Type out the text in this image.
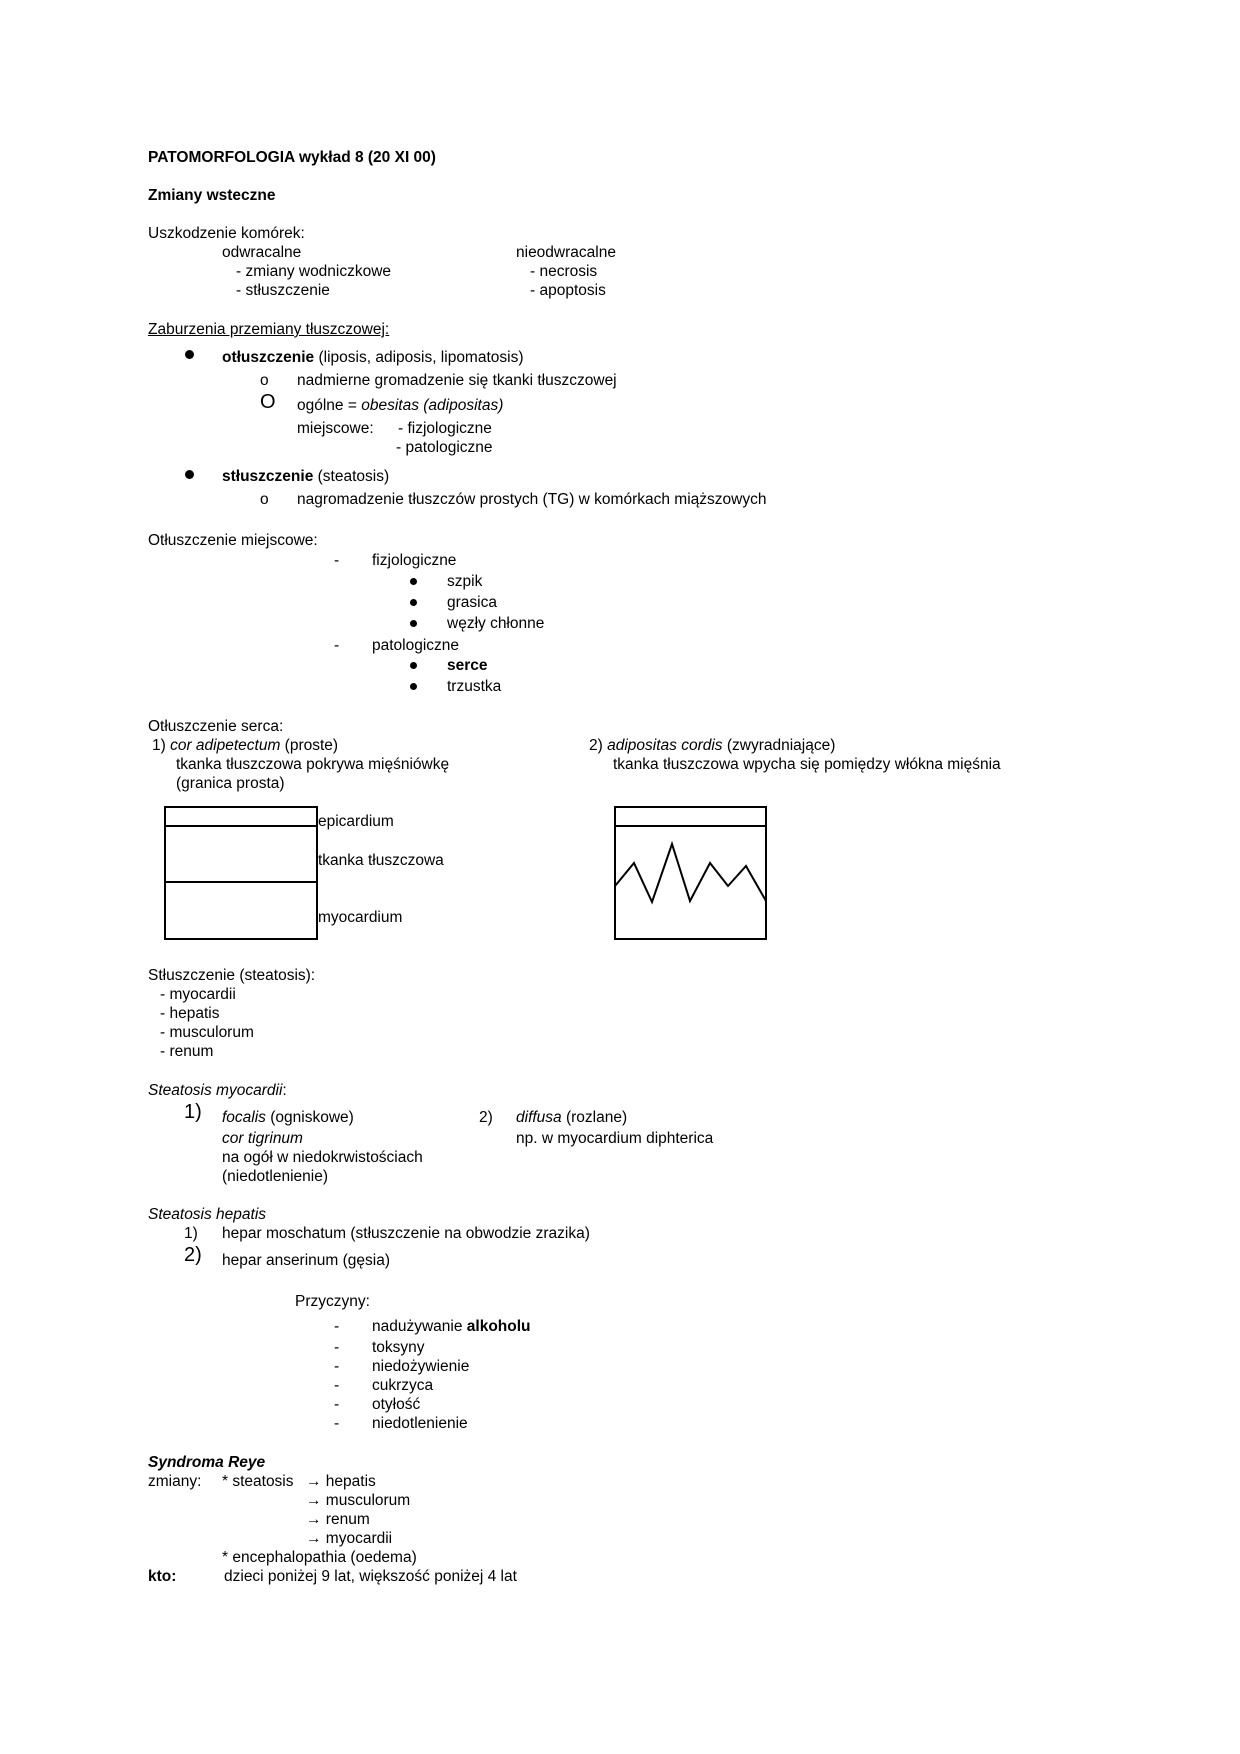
PATOMORFOLOGIA wykład 8 (20 XI 00)
Zmiany wsteczne
Uszkodzenie komórek:
odwracalne
- zmiany wodniczkowe
- stłuszczenie
nieodwracalne
- necrosis
- apoptosis
Zaburzenia przemiany tłuszczowej:
otłuszczenie (liposis, adiposis, lipomatosis)
o nadmierne gromadzenie się tkanki tłuszczowej
O ogólne = obesitas (adipositas)
miejscowe: - fizjologiczne
- patologiczne
stłuszczenie (steatosis)
o nagromadzenie tłuszczów prostych (TG) w komórkach miąższowych
Otłuszczenie miejscowe:
- fizjologiczne
szpik
grasica
węzły chłonne
- patologiczne
serce
trzustka
Otłuszczenie serca:
1) cor adipetectum (proste)
tkanka tłuszczowa pokrywa mięśniówkę
(granica prosta)
2) adipositas cordis (zwyradniające)
tkanka tłuszczowa wpycha się pomiędzy włókna mięśnia
epicardium
tkanka tłuszczowa
myocardium
Stłuszczenie (steatosis):
- myocardii
- hepatis
- musculorum
- renum
Steatosis myocardii:
1) focalis (ogniskowe)
cor tigrinum
na ogół w niedokrwistościach
(niedotlenienie)
2) diffusa (rozlane)
np. w myocardium diphterica
Steatosis hepatis
1) hepar moschatum (stłuszczenie na obwodzie zrazika)
2) hepar anserinum (gęsia)
Przyczyny:
- nadużywanie alkoholu
- toksyny
- niedożywienie
- cukrzyca
- otyłość
- niedotlenienie
Syndroma Reye
zmiany: * steatosis → hepatis
→ musculorum
→ renum
→ myocardii
* encephalopathia (oedema)
kto:	dzieci poniżej 9 lat, większość poniżej 4 lat
